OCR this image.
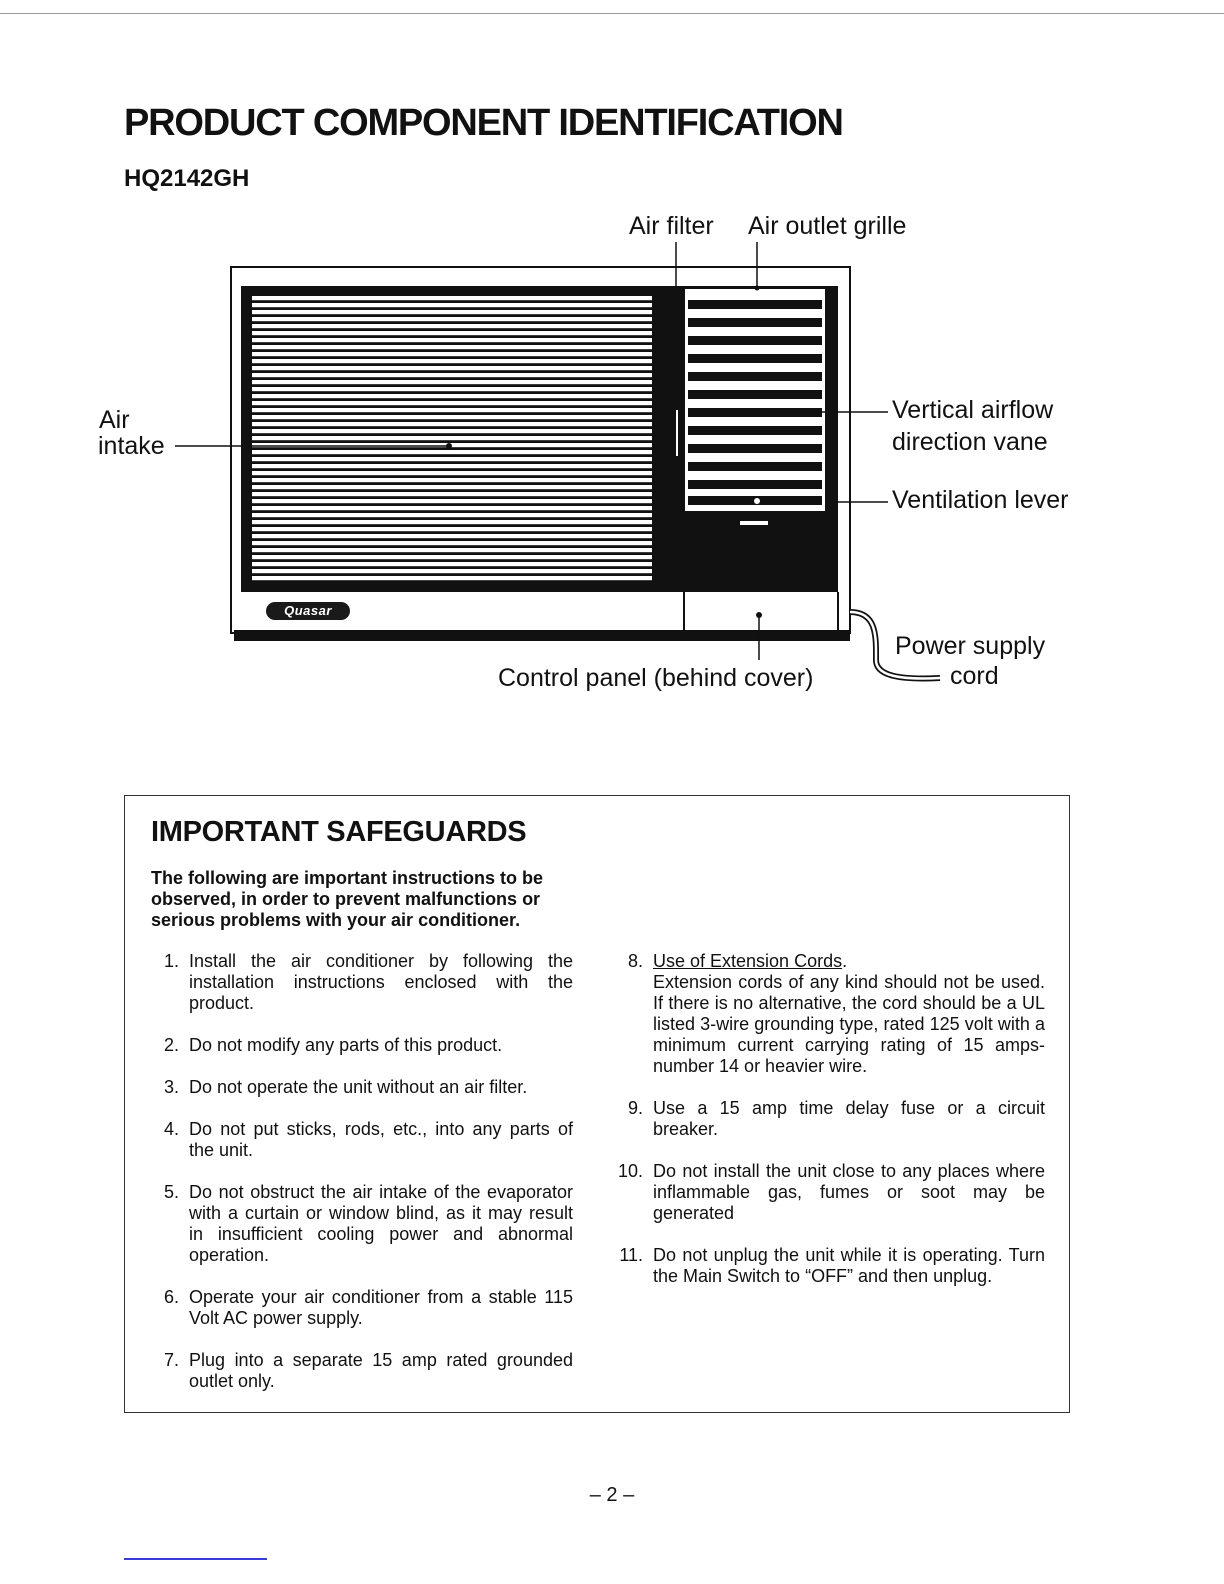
PRODUCT COMPONENT IDENTIFICATION
HQ2142GH
Quasar
Air filter Air outlet grille
Air
intake
Vertical airflow
direction vane
Ventilation lever
Power supply
cord
Control panel (behind cover)
IMPORTANT SAFEGUARDS

The following are important instructions to be observed, in order to prevent malfunctions or serious problems with your air conditioner.

1. Install the air conditioner by following the installation instructions enclosed with the product.
2. Do not modify any parts of this product.
3. Do not operate the unit without an air filter.
4. Do not put sticks, rods, etc., into any parts of the unit.
5. Do not obstruct the air intake of the evaporator with a curtain or window blind, as it may result in insufficient cooling power and abnormal operation.
6. Operate your air conditioner from a stable 115 Volt AC power supply.
7. Plug into a separate 15 amp rated grounded outlet only.
8. Use of Extension Cords.
Extension cords of any kind should not be used. If there is no alternative, the cord should be a UL listed 3-wire grounding type, rated 125 volt with a minimum current carrying rating of 15 amps-number 14 or heavier wire.
9. Use a 15 amp time delay fuse or a circuit breaker.
10. Do not install the unit close to any places where inflammable gas, fumes or soot may be generated
11. Do not unplug the unit while it is operating. Turn the Main Switch to “OFF” and then unplug.
– 2 –
